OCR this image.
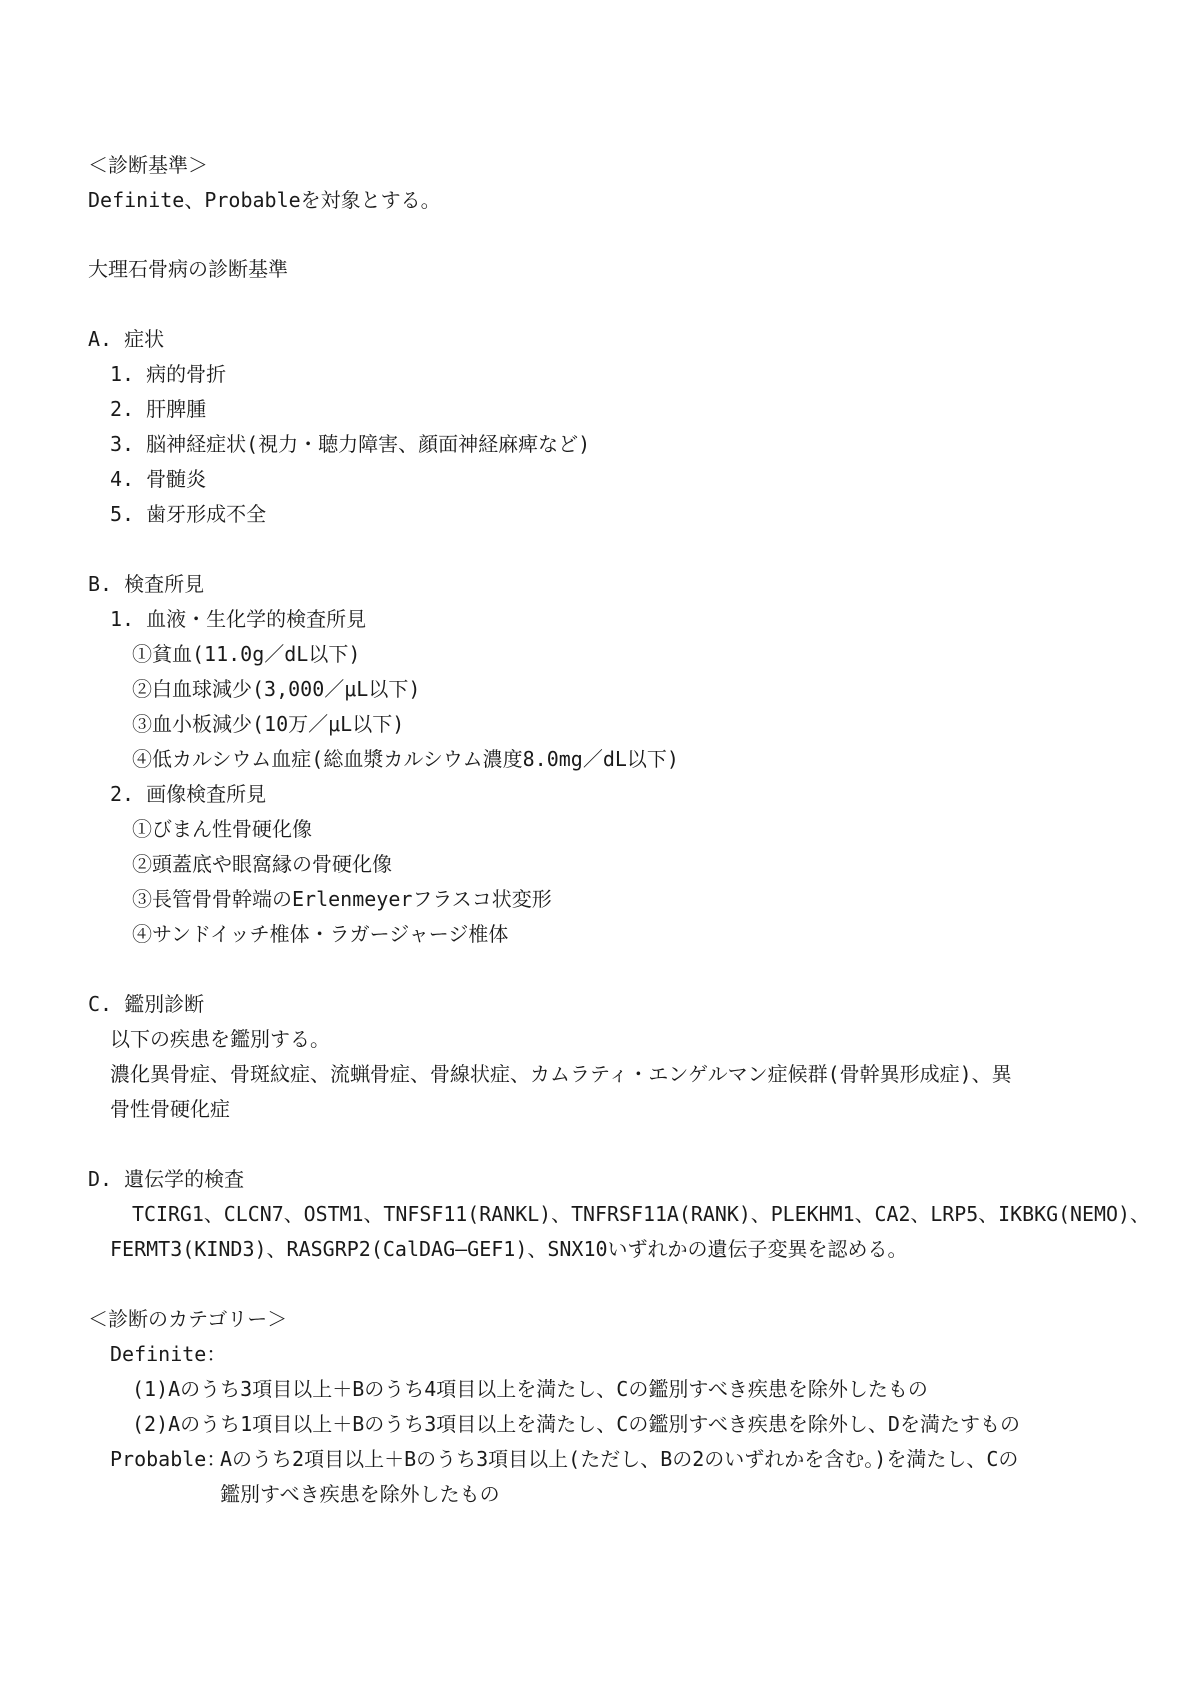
＜診断基準＞
Definite、Probableを対象とする。
大理石骨病の診断基準
A. 症状
1. 病的骨折
2. 肝脾腫
3. 脳神経症状(視力・聴力障害、顔面神経麻痺など)
4. 骨髄炎
5. 歯牙形成不全
B. 検査所見
1. 血液・生化学的検査所見
①貧血(11.0g／dL以下)
②白血球減少(3,000／μL以下)
③血小板減少(10万／μL以下)
④低カルシウム血症(総血漿カルシウム濃度8.0mg／dL以下)
2. 画像検査所見
①びまん性骨硬化像
②頭蓋底や眼窩縁の骨硬化像
③長管骨骨幹端のErlenmeyerフラスコ状変形
④サンドイッチ椎体・ラガージャージ椎体
C. 鑑別診断
以下の疾患を鑑別する。
濃化異骨症、骨斑紋症、流蝋骨症、骨線状症、カムラティ・エンゲルマン症候群(骨幹異形成症)、異
骨性骨硬化症
D. 遺伝学的検査
TCIRG1、CLCN7、OSTM1、TNFSF11(RANKL)、TNFRSF11A(RANK)、PLEKHM1、CA2、LRP5、IKBKG(NEMO)、
FERMT3(KIND3)、RASGRP2(CalDAG—GEF1)、SNX10いずれかの遺伝子変異を認める。
＜診断のカテゴリー＞
Definite：
(1)Aのうち3項目以上＋Bのうち4項目以上を満たし、Cの鑑別すべき疾患を除外したもの
(2)Aのうち1項目以上＋Bのうち3項目以上を満たし、Cの鑑別すべき疾患を除外し、Dを満たすもの
Probable：
Aのうち2項目以上＋Bのうち3項目以上(ただし、Bの2のいずれかを含む。)を満たし、Cの
鑑別すべき疾患を除外したもの
